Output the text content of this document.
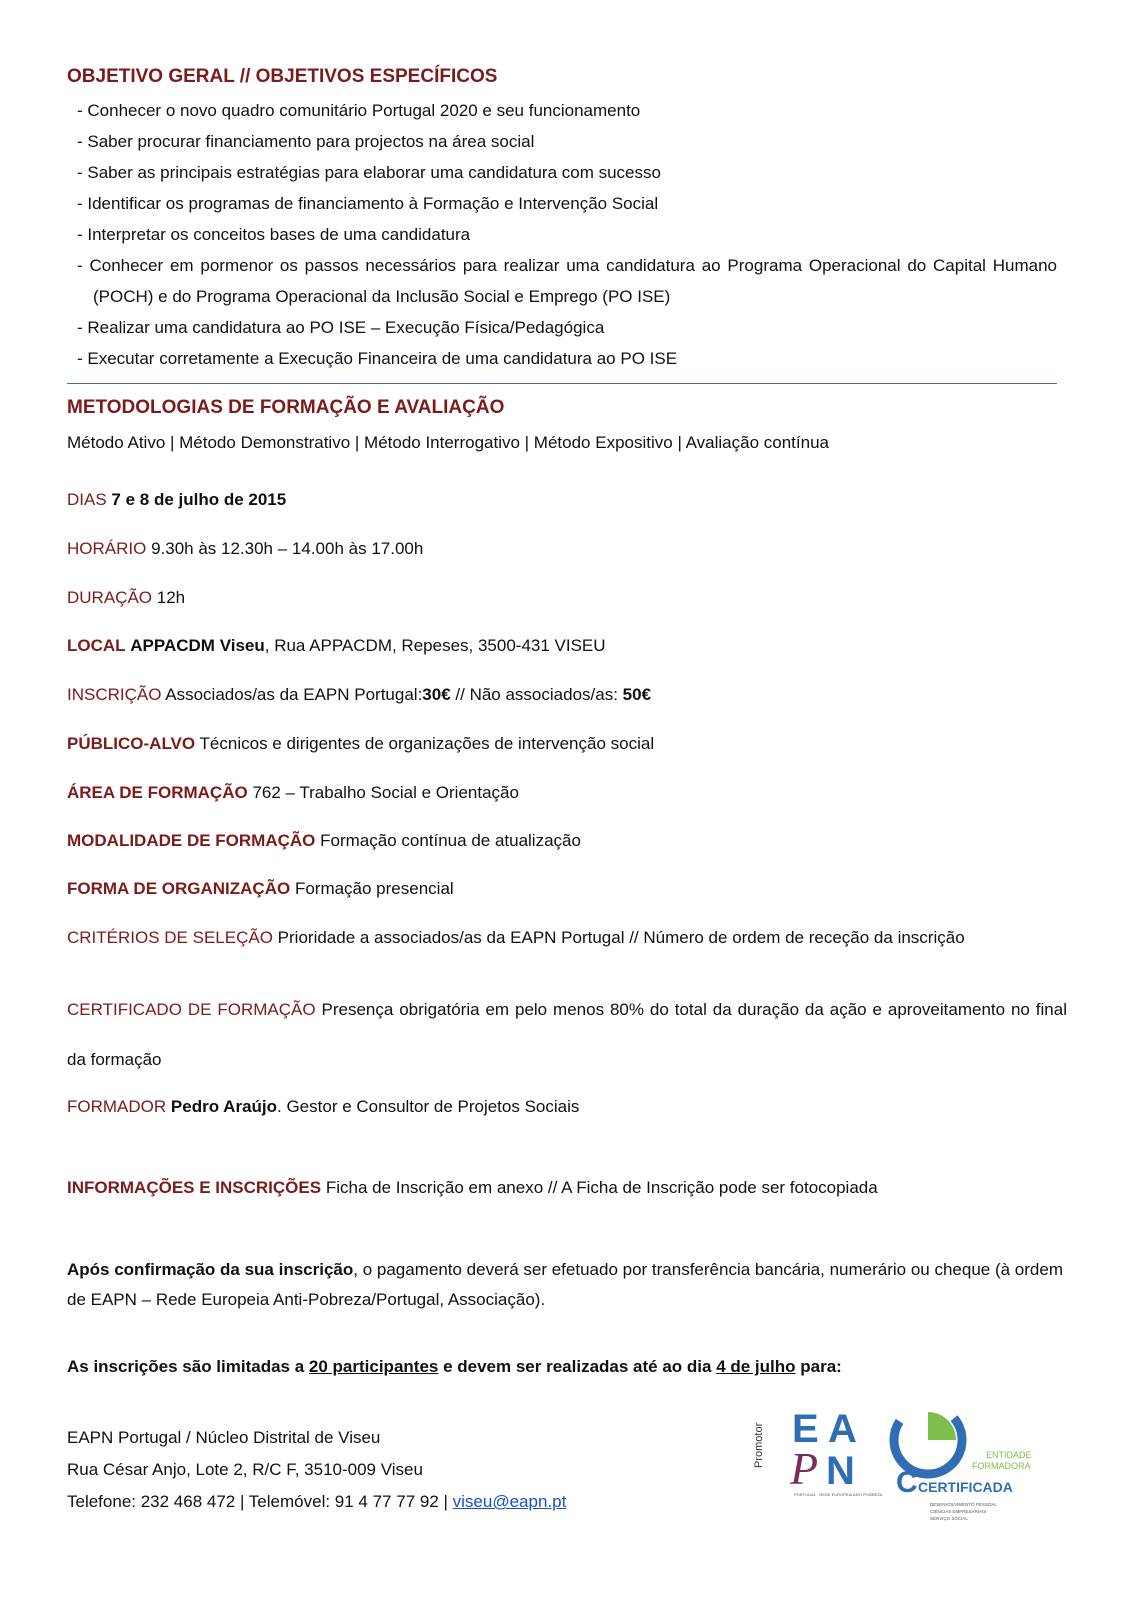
OBJETIVO GERAL // OBJETIVOS ESPECÍFICOS
- Conhecer o novo quadro comunitário Portugal 2020 e seu funcionamento
- Saber procurar financiamento para projectos na área social
- Saber as principais estratégias para elaborar uma candidatura com sucesso
- Identificar os programas de financiamento à Formação e Intervenção Social
- Interpretar os conceitos bases de uma candidatura
- Conhecer em pormenor os passos necessários para realizar uma candidatura ao Programa Operacional do Capital Humano (POCH) e do Programa Operacional da Inclusão Social e Emprego (PO ISE)
- Realizar uma candidatura ao PO ISE – Execução Física/Pedagógica
- Executar corretamente a Execução Financeira de uma candidatura ao PO ISE
METODOLOGIAS DE FORMAÇÃO E AVALIAÇÃO
Método Ativo | Método Demonstrativo | Método Interrogativo | Método Expositivo | Avaliação contínua
DIAS 7 e 8 de julho de 2015
HORÁRIO 9.30h às 12.30h – 14.00h às 17.00h
DURAÇÃO 12h
LOCAL APPACDM Viseu, Rua APPACDM, Repeses, 3500-431 VISEU
INSCRIÇÃO Associados/as da EAPN Portugal:30€ // Não associados/as: 50€
PÚBLICO-ALVO Técnicos e dirigentes de organizações de intervenção social
ÁREA DE FORMAÇÃO 762 – Trabalho Social e Orientação
MODALIDADE DE FORMAÇÃO Formação contínua de atualização
FORMA DE ORGANIZAÇÃO Formação presencial
CRITÉRIOS DE SELEÇÃO Prioridade a associados/as da EAPN Portugal // Número de ordem de receção da inscrição
CERTIFICADO DE FORMAÇÃO Presença obrigatória em pelo menos 80% do total da duração da ação e aproveitamento no final da formação
FORMADOR Pedro Araújo. Gestor e Consultor de Projetos Sociais
INFORMAÇÕES E INSCRIÇÕES Ficha de Inscrição em anexo // A Ficha de Inscrição pode ser fotocopiada
Após confirmação da sua inscrição, o pagamento deverá ser efetuado por transferência bancária, numerário ou cheque (à ordem de EAPN – Rede Europeia Anti-Pobreza/Portugal, Associação).
As inscrições são limitadas a 20 participantes e devem ser realizadas até ao dia 4 de julho para:
EAPN Portugal / Núcleo Distrital de Viseu
Rua César Anjo, Lote 2, R/C F, 3510-009 Viseu
Telefone: 232 468 472 | Telemóvel: 91 4 77 77 92 | viseu@eapn.pt
Promotor E A
P N
PORTUGAL · REDE EUROPEIA ANTI-POBREZA
DGERT	ENTIDADE
FORMADORA
C CERTIFICADA
DESENVOLVIMENTO PESSOAL
CIÊNCIAS EMPRESARIAIS
SERVIÇO SOCIAL
